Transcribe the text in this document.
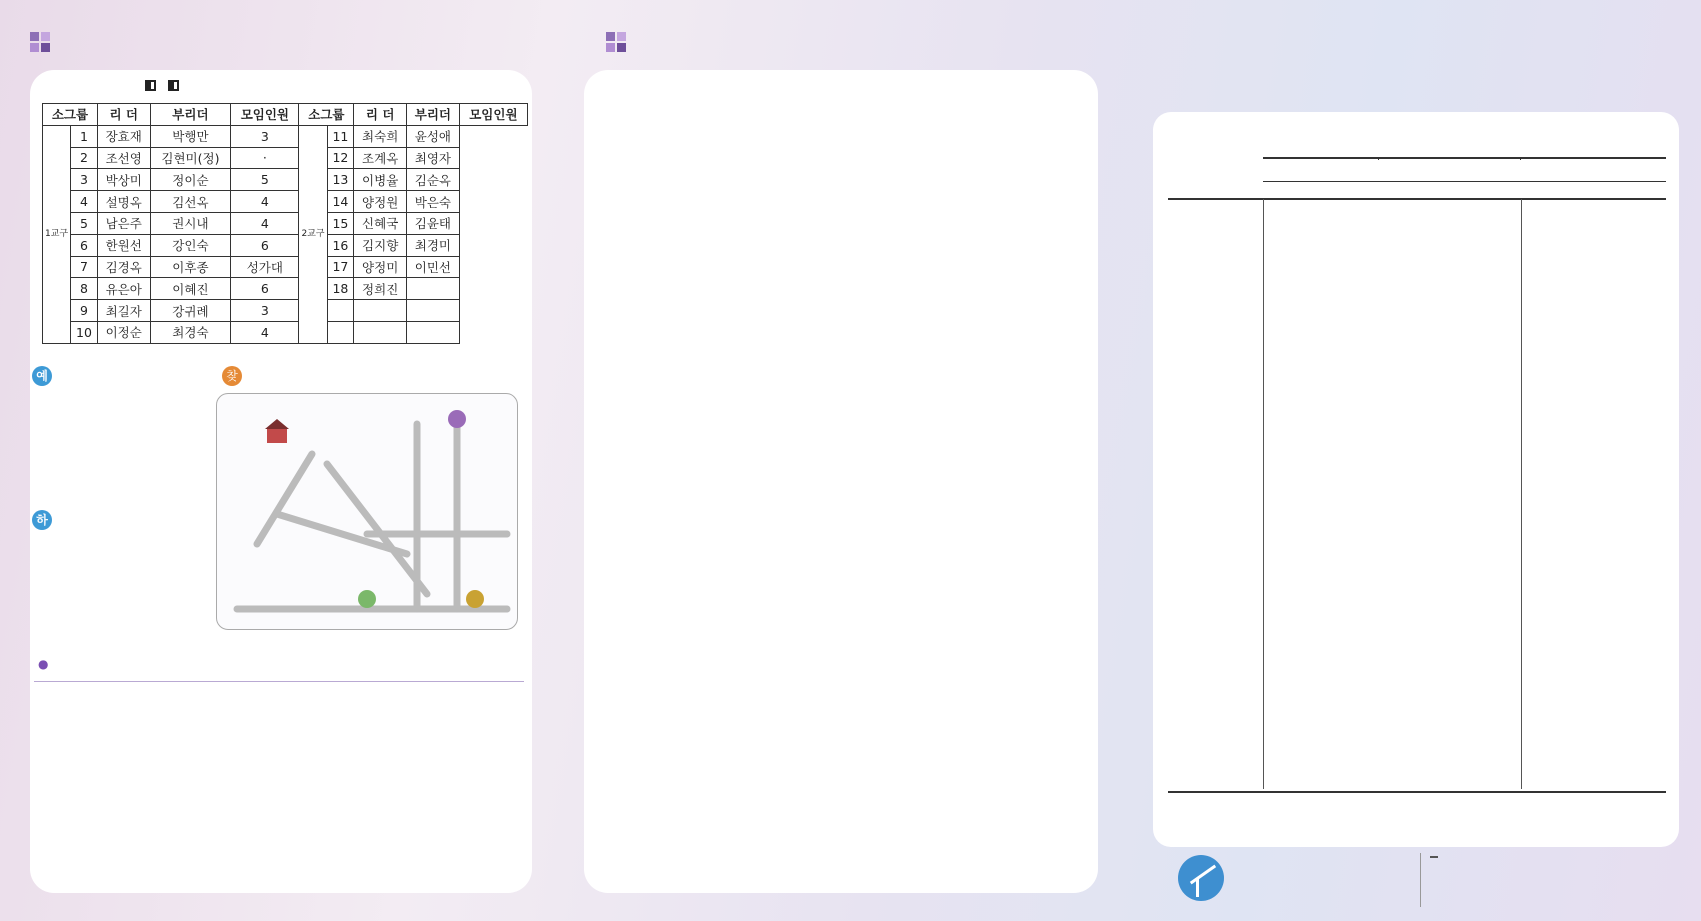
소그룹		리 더	부리더	모임인원	소그룹		리 더	부리더	모임인원
1교구	1	장효재	박행만	3	2교구	11	최숙희	윤성애	
	2	조선영	김현미(정)	·		12	조계옥	최영자	
	3	박상미	정이순	5		13	이병율	김순옥	
	4	설명옥	김선옥	4		14	양정원	박은숙	
	5	남은주	권시내	4		15	신혜국	김윤태	
	6	한원선	강인숙	6		16	김지향	최경미	
	7	김경옥	이후종	성가대		17	양정미	이민선	
	8	유은아	이혜진	6		18	정희진		
	9	최길자	강귀례	3					
	10	이정순	최경숙	4					
예
하
찾
●
